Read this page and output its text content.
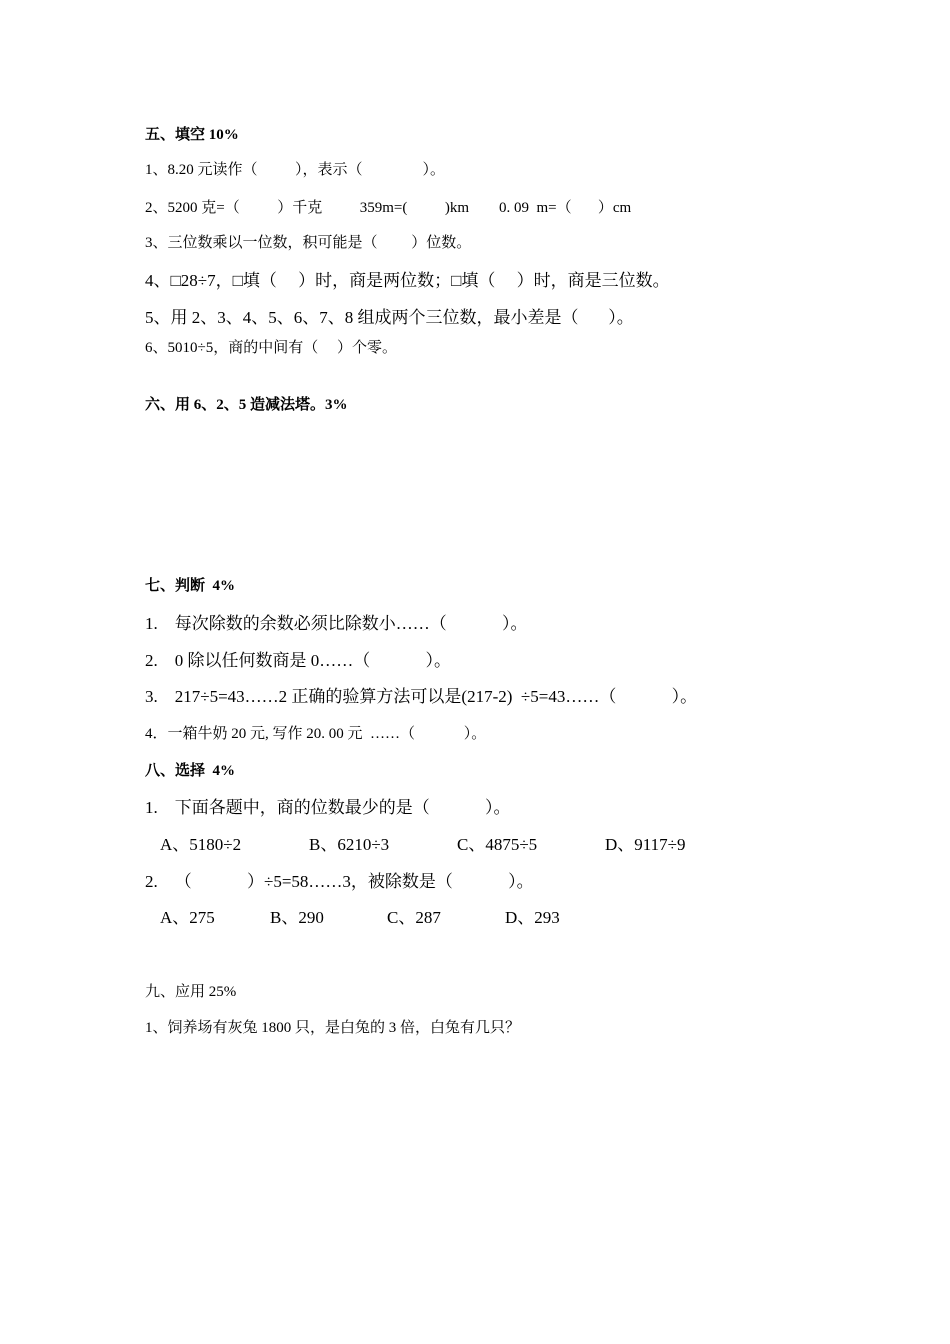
五、填空 10%
1、8.20 元读作（          ），表示（                ）。
2、5200 克=（          ）千克          359m=(          )km        0. 09  m=（       ）cm
3、三位数乘以一位数，积可能是（         ）位数。
4、□28÷7，□填（     ）时，商是两位数；□填（     ）时，商是三位数。
5、用 2、3、4、5、6、7、8 组成两个三位数，最小差是（       ）。
6、5010÷5，商的中间有（     ）个零。
六、用 6、2、5 造减法塔。3%
七、判断  4%
1.    每次除数的余数必须比除数小……（             ）。
2.    0 除以任何数商是 0……（             ）。
3.    217÷5=43……2 正确的验算方法可以是(217-2)  ÷5=43……（             ）。
4．一箱牛奶 20 元, 写作 20. 00 元  ……（             ）。
八、选择  4%
1.    下面各题中，商的位数最少的是（             ）。
A、5180÷2	B、6210÷3	C、4875÷5	D、9117÷9
2.    （             ）÷5=58……3，被除数是（             ）。
A、275	B、290	C、287	D、293
九、应用 25%
1、饲养场有灰兔 1800 只，是白兔的 3 倍，白兔有几只？
